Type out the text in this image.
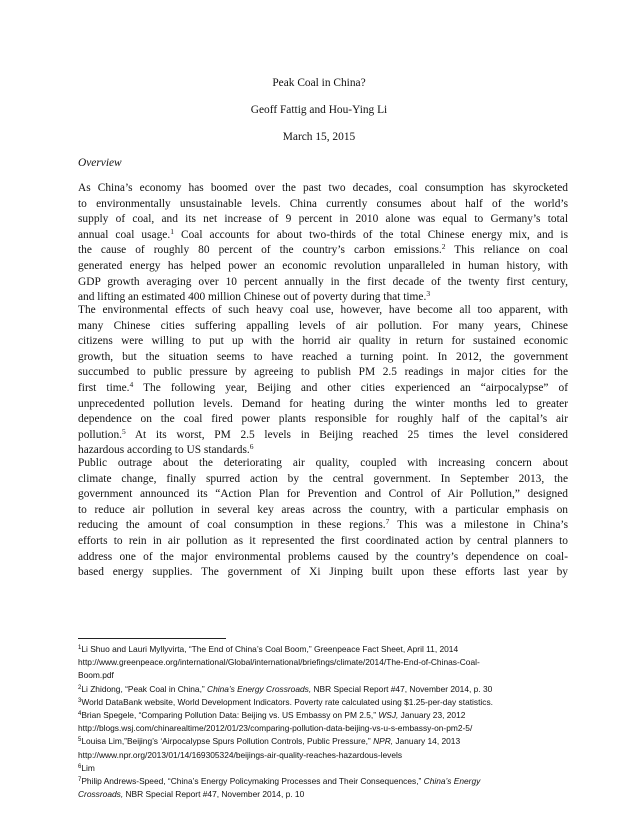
Peak Coal in China?
Geoff Fattig and Hou-Ying Li
March 15, 2015
Overview
As China’s economy has boomed over the past two decades, coal consumption has skyrocketed
to environmentally unsustainable levels. China currently consumes about half of the world’s
supply of coal, and its net increase of 9 percent in 2010 alone was equal to Germany’s total
annual coal usage.$^1$ Coal accounts for about two-thirds of the total Chinese energy mix, and is
the cause of roughly 80 percent of the country’s carbon emissions.$^2$ This reliance on coal
generated energy has helped power an economic revolution unparalleled in human history, with
GDP growth averaging over 10 percent annually in the first decade of the twenty first century,
and lifting an estimated 400 million Chinese out of poverty during that time.$^3$
The environmental effects of such heavy coal use, however, have become all too apparent, with
many Chinese cities suffering appalling levels of air pollution. For many years, Chinese
citizens were willing to put up with the horrid air quality in return for sustained economic
growth, but the situation seems to have reached a turning point. In 2012, the government
succumbed to public pressure by agreeing to publish PM 2.5 readings in major cities for the
first time.$^4$ The following year, Beijing and other cities experienced an “airpocalypse” of
unprecedented pollution levels. Demand for heating during the winter months led to greater
dependence on the coal fired power plants responsible for roughly half of the capital’s air
pollution.$^5$ At its worst, PM 2.5 levels in Beijing reached 25 times the level considered
hazardous according to US standards.$^6$
Public outrage about the deteriorating air quality, coupled with increasing concern about
climate change, finally spurred action by the central government. In September 2013, the
government announced its “Action Plan for Prevention and Control of Air Pollution,” designed
to reduce air pollution in several key areas across the country, with a particular emphasis on
reducing the amount of coal consumption in these regions.$^7$ This was a milestone in China’s
efforts to rein in air pollution as it represented the first coordinated action by central planners to
address one of the major environmental problems caused by the country’s dependence on coal-
based energy supplies. The government of Xi Jinping built upon these efforts last year by
$^1$Li Shuo and Lauri Myllyvirta, “The End of China’s Coal Boom,” Greenpeace Fact Sheet, April 11, 2014
http://www.greenpeace.org/international/Global/international/briefings/climate/2014/The-End-of-Chinas-Coal-
Boom.pdf
$^2$Li Zhidong, “Peak Coal in China,” China’s Energy Crossroads, NBR Special Report #47, November 2014, p. 30
$^3$World DataBank website, World Development Indicators. Poverty rate calculated using $1.25-per-day statistics.
$^4$Brian Spegele, “Comparing Pollution Data: Beijing vs. US Embassy on PM 2.5,” WSJ, January 23, 2012
http://blogs.wsj.com/chinarealtime/2012/01/23/comparing-pollution-data-beijing-vs-u-s-embassy-on-pm2-5/
$^5$Louisa Lim,”Beijing’s ‘Airpocalypse Spurs Pollution Controls, Public Pressure,” NPR, January 14, 2013
http://www.npr.org/2013/01/14/169305324/beijings-air-quality-reaches-hazardous-levels
$^6$Lim
$^7$Philip Andrews-Speed, “China’s Energy Policymaking Processes and Their Consequences,” China’s Energy
Crossroads, NBR Special Report #47, November 2014, p. 10
